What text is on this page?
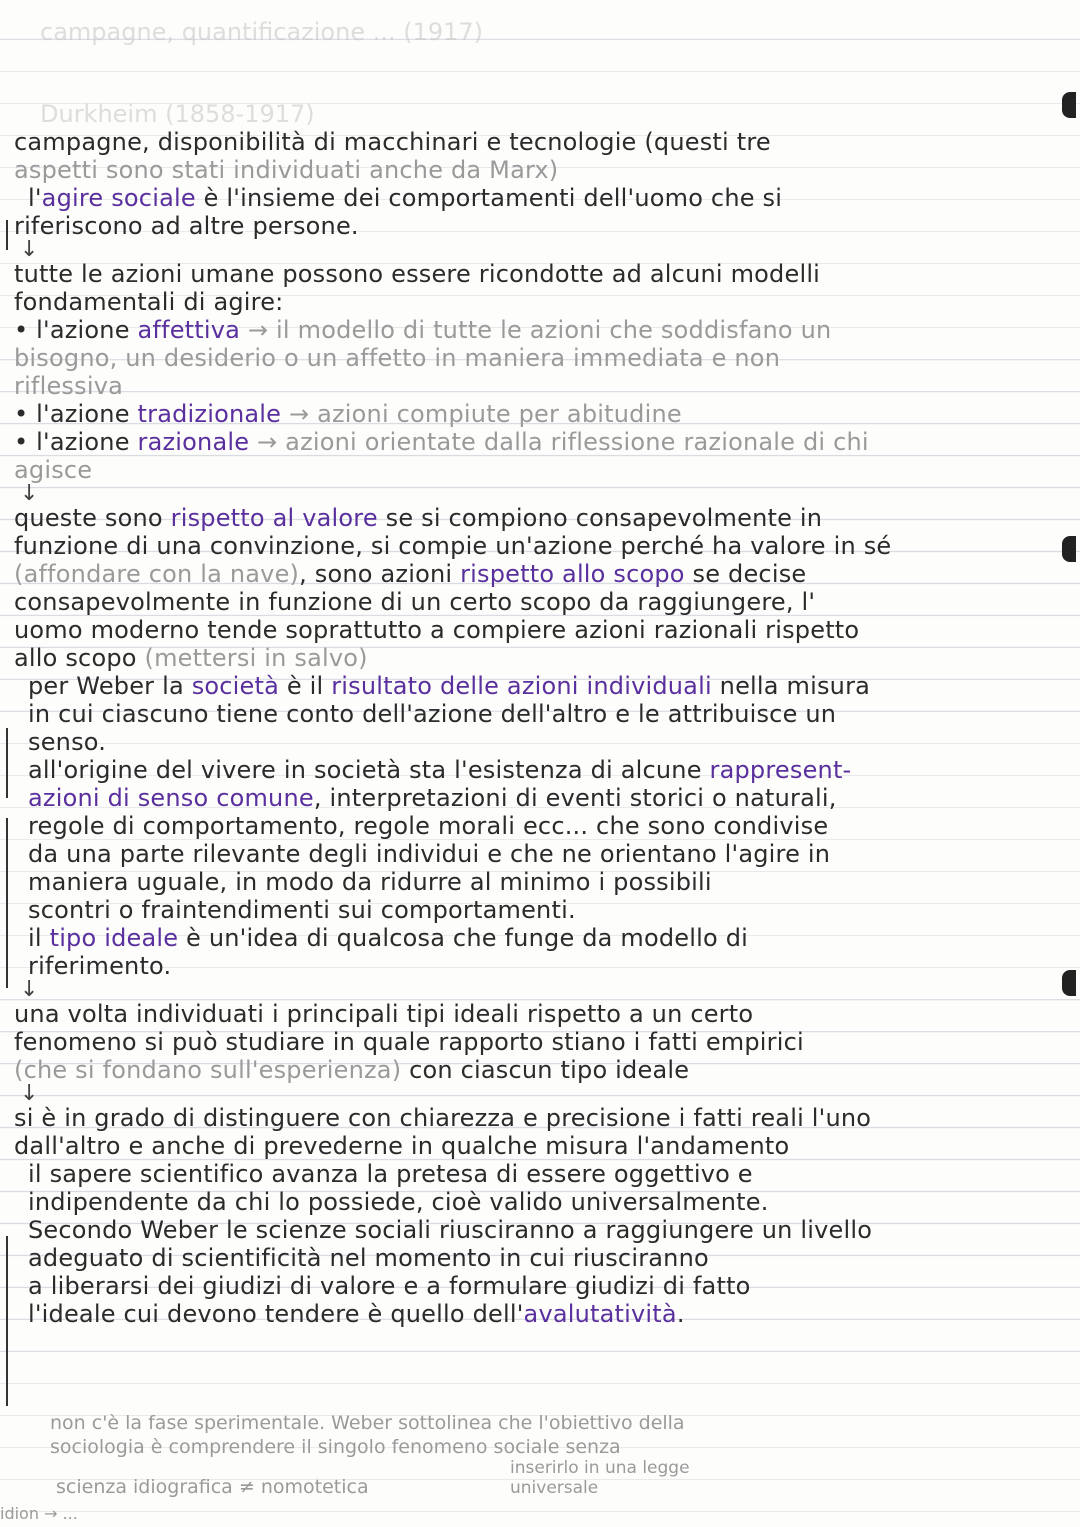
campagne, quantificazione ... (1917)
Durkheim (1858-1917)
campagne, disponibilità di macchinari e tecnologie (questi tre
aspetti sono stati individuati anche da Marx)
l'agire sociale è l'insieme dei comportamenti dell'uomo che si
riferiscono ad altre persone.
↓
tutte le azioni umane possono essere ricondotte ad alcuni modelli
fondamentali di agire:
• l'azione affettiva → il modello di tutte le azioni che soddisfano un
bisogno, un desiderio o un affetto in maniera immediata e non
riflessiva
• l'azione tradizionale → azioni compiute per abitudine
• l'azione razionale → azioni orientate dalla riflessione razionale di chi
agisce
↓
queste sono rispetto al valore se si compiono consapevolmente in
funzione di una convinzione, si compie un'azione perché ha valore in sé
(affondare con la nave), sono azioni rispetto allo scopo se decise
consapevolmente in funzione di un certo scopo da raggiungere, l'
uomo moderno tende soprattutto a compiere azioni razionali rispetto
allo scopo (mettersi in salvo)
per Weber la società è il risultato delle azioni individuali nella misura
in cui ciascuno tiene conto dell'azione dell'altro e le attribuisce un
senso.
all'origine del vivere in società sta l'esistenza di alcune rappresent-
azioni di senso comune, interpretazioni di eventi storici o naturali,
regole di comportamento, regole morali ecc... che sono condivise
da una parte rilevante degli individui e che ne orientano l'agire in
maniera uguale, in modo da ridurre al minimo i possibili
scontri o fraintendimenti sui comportamenti.
il tipo ideale è un'idea di qualcosa che funge da modello di
riferimento.
↓
una volta individuati i principali tipi ideali rispetto a un certo
fenomeno si può studiare in quale rapporto stiano i fatti empirici
(che si fondano sull'esperienza) con ciascun tipo ideale
↓
si è in grado di distinguere con chiarezza e precisione i fatti reali l'uno
dall'altro e anche di prevederne in qualche misura l'andamento
il sapere scientifico avanza la pretesa di essere oggettivo e
indipendente da chi lo possiede, cioè valido universalmente.
Secondo Weber le scienze sociali riusciranno a raggiungere un livello
adeguato di scientificità nel momento in cui riusciranno
a liberarsi dei giudizi di valore e a formulare giudizi di fatto
l'ideale cui devono tendere è quello dell'avalutatività.
non c'è la fase sperimentale. Weber sottolinea che l'obiettivo della
sociologia è comprendere il singolo fenomeno sociale senza
inserirlo in una legge
universale
scienza idiografica ≠ nomotetica
idion → ...
